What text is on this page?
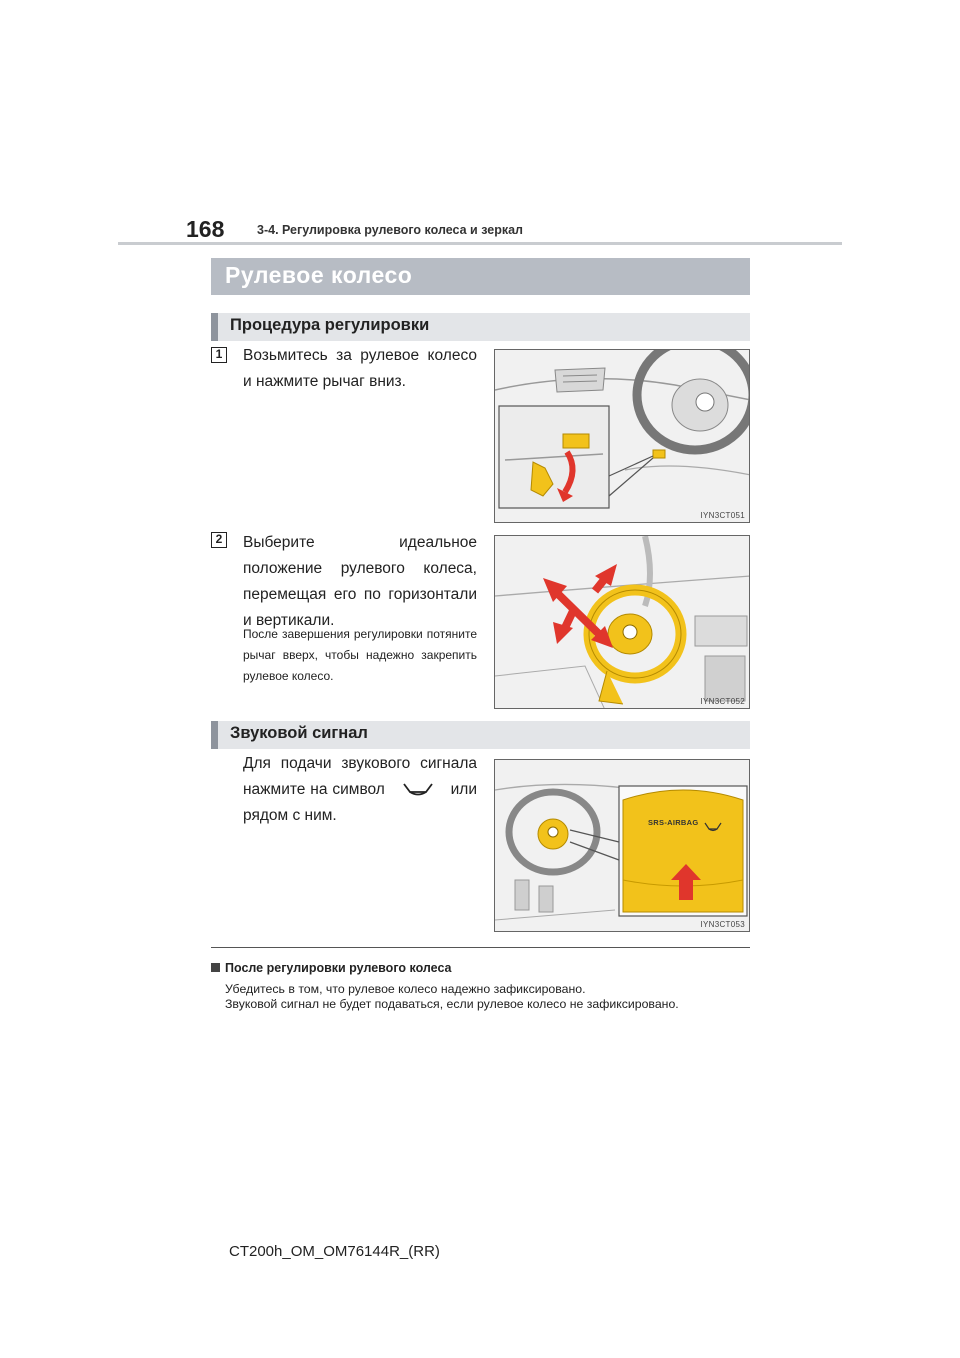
168	3-4. Регулировка рулевого колеса и зеркал
Рулевое колесо
Процедура регулировки
1	Возьмитесь за рулевое колесо и нажмите рычаг вниз.
IYN3CT051
2	Выберите идеальное положение рулевого колеса, перемещая его по горизонтали и вертикали.
После завершения регулировки потяните рычаг вверх, чтобы надежно закрепить рулевое колесо.
IYN3CT052
Звуковой сигнал
Для подачи звукового сигнала нажмите на символ	или рядом с ним.	SRS-AIRBAG
IYN3CT053
После регулировки рулевого колеса
Убедитесь в том, что рулевое колесо надежно зафиксировано.
Звуковой сигнал не будет подаваться, если рулевое колесо не зафиксировано.
CT200h_OM_OM76144R_(RR)
